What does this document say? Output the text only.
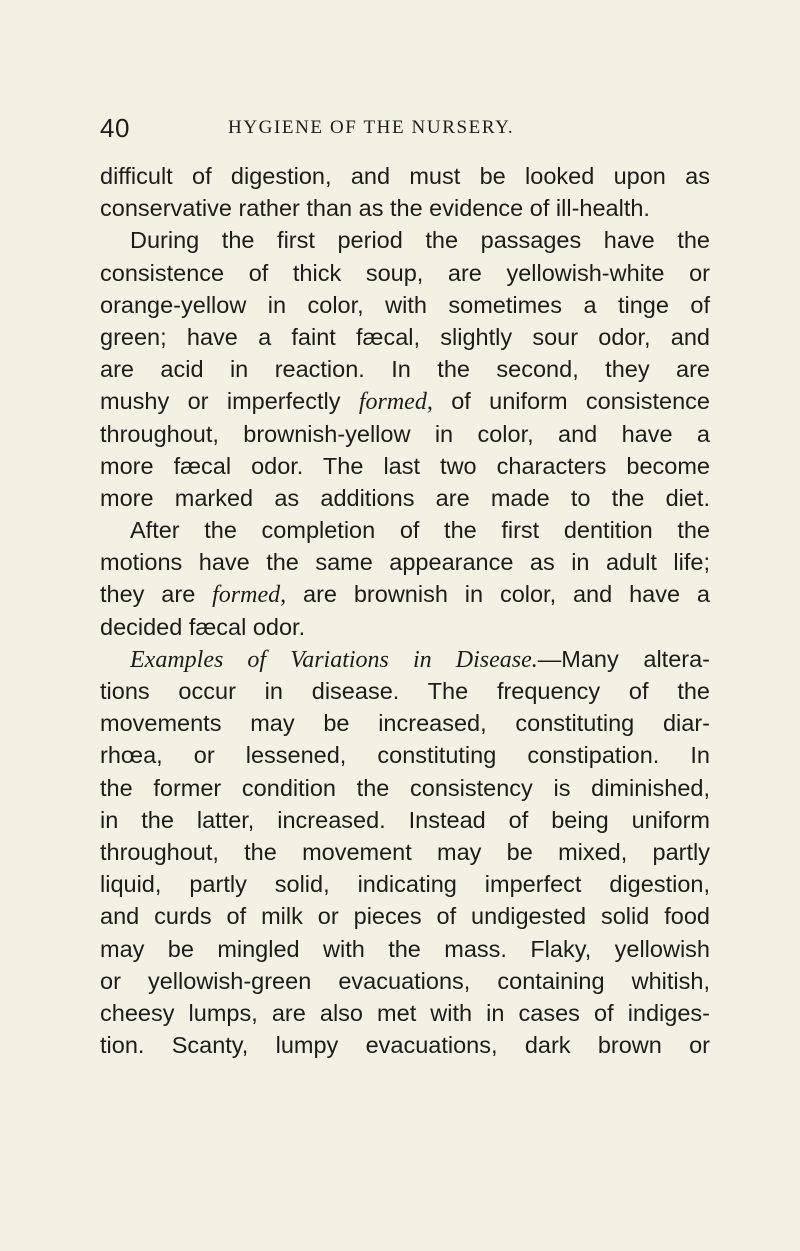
40	HYGIENE OF THE NURSERY.
difficult of digestion, and must be looked upon as
conservative rather than as the evidence of ill-health.
During the first period the passages have the
consistence of thick soup, are yellowish-white or
orange-yellow in color, with sometimes a tinge of
green; have a faint fæcal, slightly sour odor, and
are acid in reaction. In the second, they are
mushy or imperfectly formed, of uniform consistence
throughout, brownish-yellow in color, and have a
more fæcal odor. The last two characters become
more marked as additions are made to the diet.
After the completion of the first dentition the
motions have the same appearance as in adult life;
they are formed, are brownish in color, and have a
decided fæcal odor.
Examples of Variations in Disease.—Many altera-
tions occur in disease. The frequency of the
movements may be increased, constituting diar-
rhœa, or lessened, constituting constipation. In
the former condition the consistency is diminished,
in the latter, increased. Instead of being uniform
throughout, the movement may be mixed, partly
liquid, partly solid, indicating imperfect digestion,
and curds of milk or pieces of undigested solid food
may be mingled with the mass. Flaky, yellowish
or yellowish-green evacuations, containing whitish,
cheesy lumps, are also met with in cases of indiges-
tion. Scanty, lumpy evacuations, dark brown or
